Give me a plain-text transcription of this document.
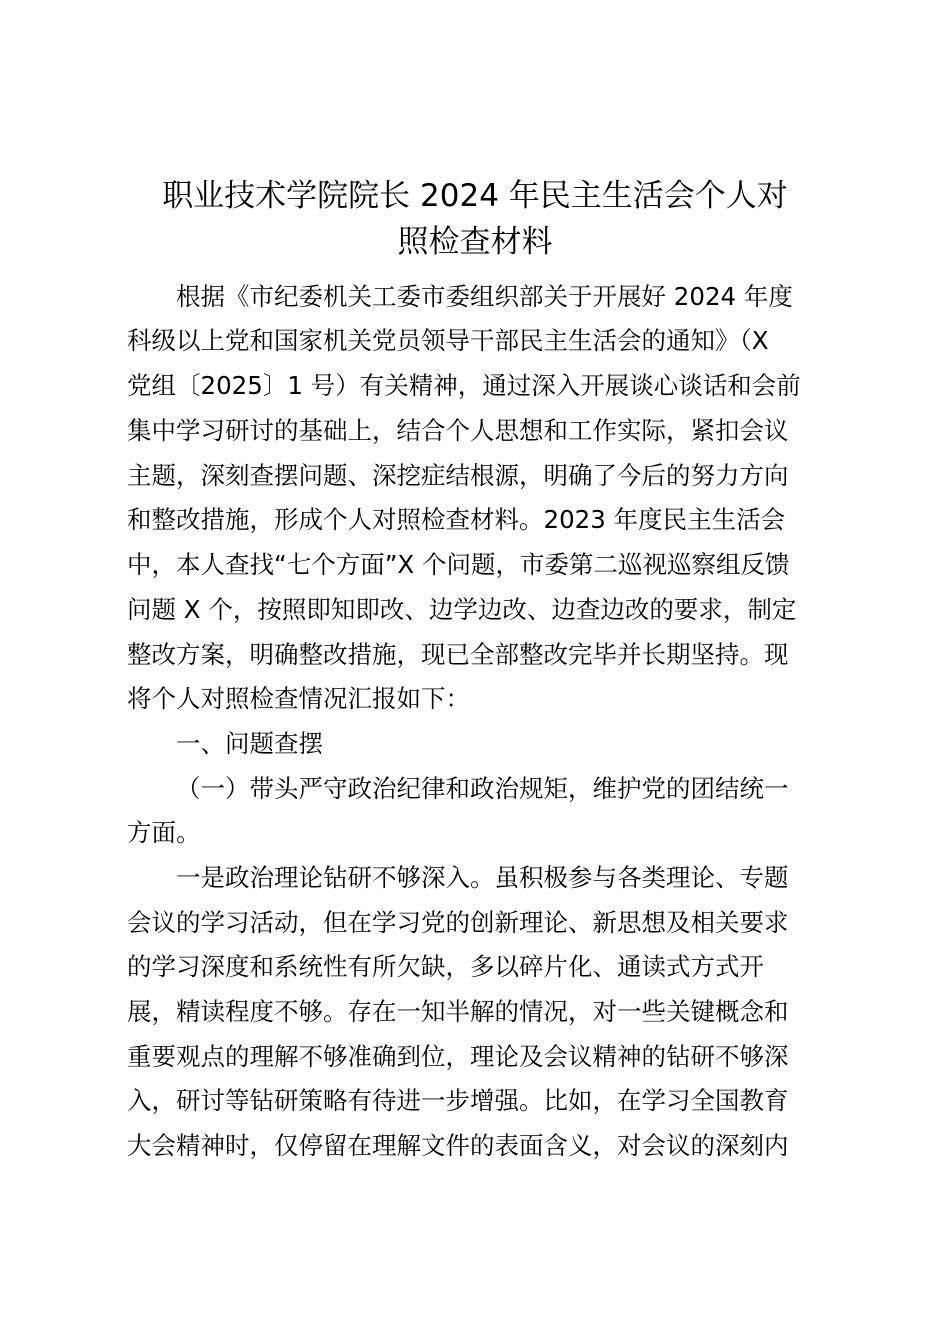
职业技术学院院长 2024 年民主生活会个人对
照检查材料

根据《市纪委机关工委市委组织部关于开展好 2024 年度

科级以上党和国家机关党员领导干部民主生活会的通知》（X

党组〔2025〕1 号）有关精神，通过深入开展谈心谈话和会前

集中学习研讨的基础上，结合个人思想和工作实际，紧扣会议

主题，深刻查摆问题、深挖症结根源，明确了今后的努力方向

和整改措施，形成个人对照检查材料。2023 年度民主生活会

中，本人查找“七个方面”X 个问题，市委第二巡视巡察组反馈

问题 X 个，按照即知即改、边学边改、边查边改的要求，制定

整改方案，明确整改措施，现已全部整改完毕并长期坚持。现

将个人对照检查情况汇报如下：

一、问题查摆

（一）带头严守政治纪律和政治规矩，维护党的团结统一

方面。

一是政治理论钻研不够深入。虽积极参与各类理论、专题

会议的学习活动，但在学习党的创新理论、新思想及相关要求

的学习深度和系统性有所欠缺，多以碎片化、通读式方式开

展，精读程度不够。存在一知半解的情况，对一些关键概念和

重要观点的理解不够准确到位，理论及会议精神的钻研不够深

入，研讨等钻研策略有待进一步增强。比如，在学习全国教育

大会精神时，仅停留在理解文件的表面含义，对会议的深刻内
